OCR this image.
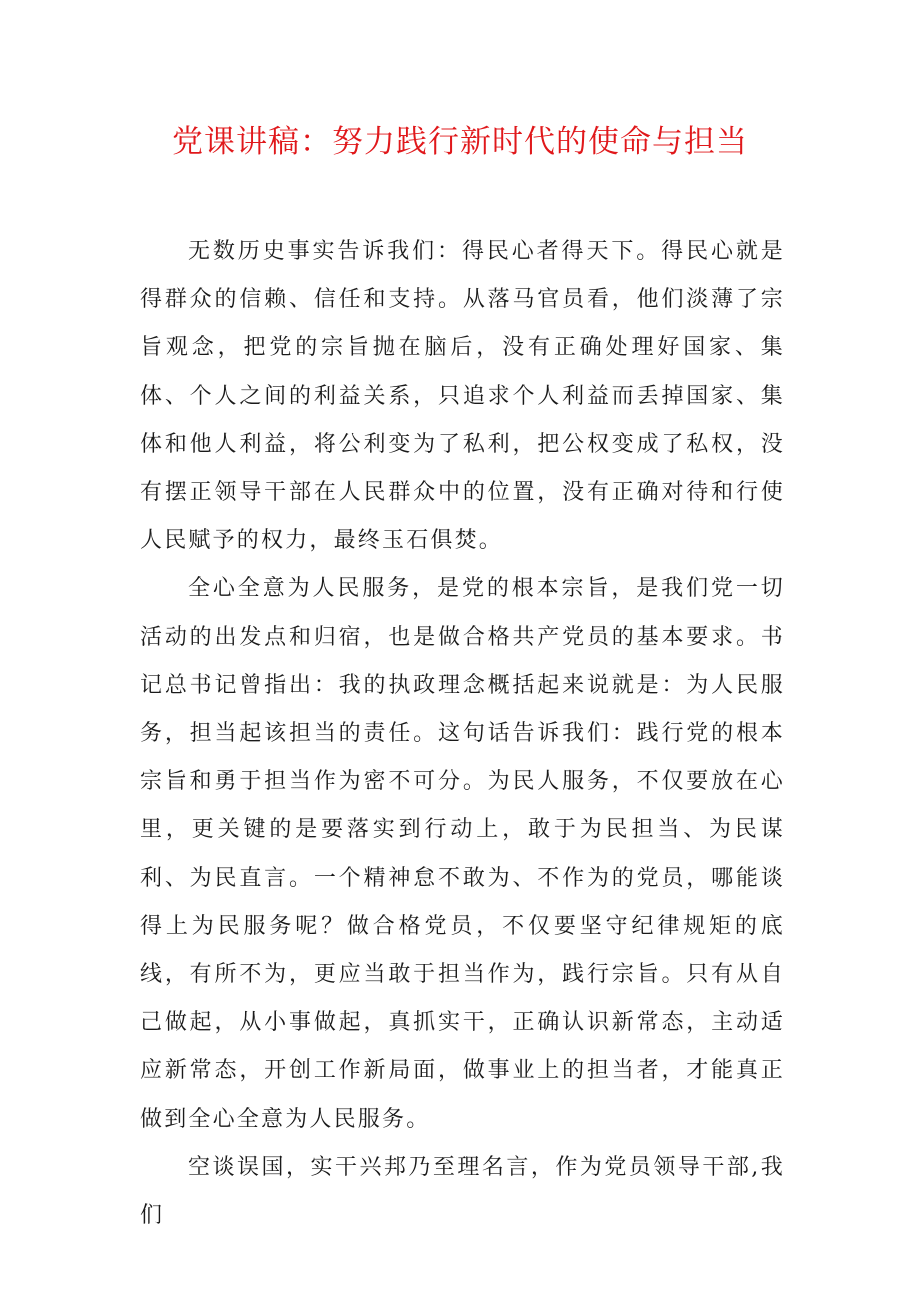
党课讲稿：努力践行新时代的使命与担当

无数历史事实告诉我们：得民心者得天下。得民心就是得群众的信赖、信任和支持。从落马官员看，他们淡薄了宗旨观念，把党的宗旨抛在脑后，没有正确处理好国家、集体、个人之间的利益关系，只追求个人利益而丢掉国家、集体和他人利益，将公利变为了私利，把公权变成了私权，没有摆正领导干部在人民群众中的位置，没有正确对待和行使人民赋予的权力，最终玉石俱焚。

全心全意为人民服务，是党的根本宗旨，是我们党一切活动的出发点和归宿，也是做合格共产党员的基本要求。书记总书记曾指出：我的执政理念概括起来说就是：为人民服务，担当起该担当的责任。这句话告诉我们：践行党的根本宗旨和勇于担当作为密不可分。为民人服务，不仅要放在心里，更关键的是要落实到行动上，敢于为民担当、为民谋利、为民直言。一个精神怠不敢为、不作为的党员，哪能谈得上为民服务呢？做合格党员，不仅要坚守纪律规矩的底线，有所不为，更应当敢于担当作为，践行宗旨。只有从自己做起，从小事做起，真抓实干，正确认识新常态，主动适应新常态，开创工作新局面，做事业上的担当者，才能真正做到全心全意为人民服务。

空谈误国，实干兴邦乃至理名言，作为党员领导干部,我们
